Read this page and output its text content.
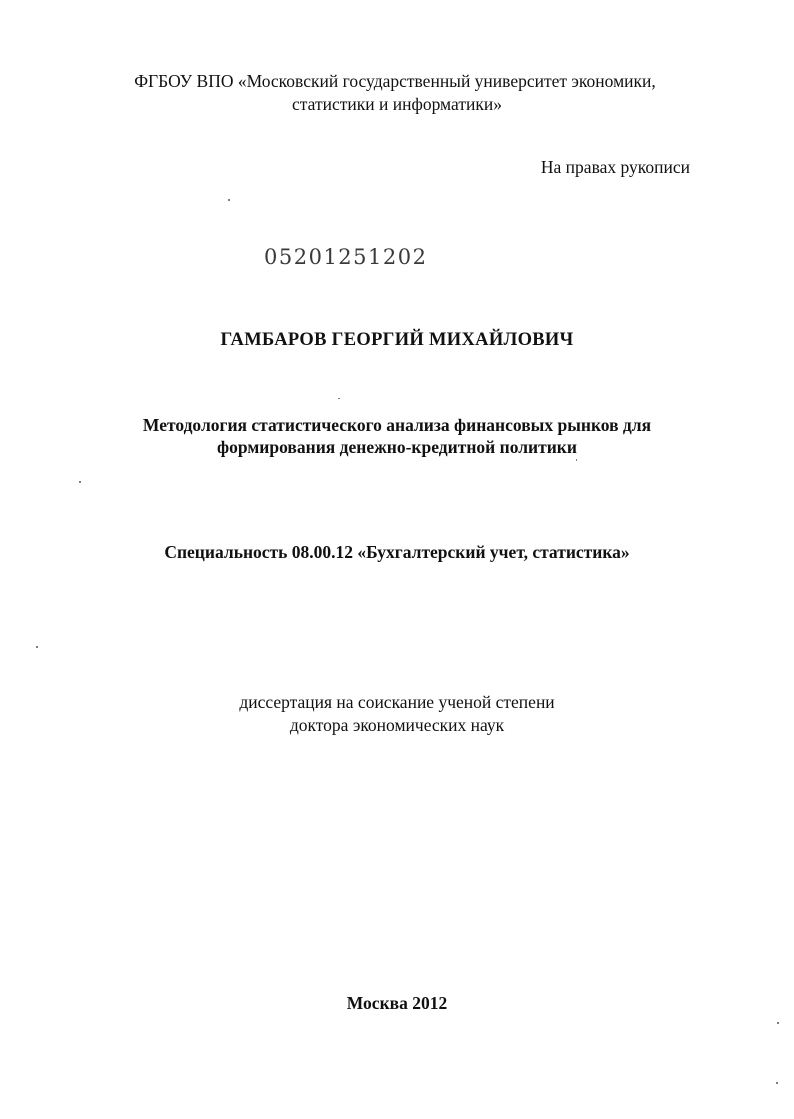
ФГБОУ ВПО «Московский государственный университет экономики,
статистики и информатики»
На правах рукописи
05201251202
ГАМБАРОВ ГЕОРГИЙ МИХАЙЛОВИЧ
Методология статистического анализа финансовых рынков для
формирования денежно-кредитной политики
Специальность 08.00.12 «Бухгалтерский учет, статистика»
диссертация на соискание ученой степени
доктора экономических наук
Москва 2012
